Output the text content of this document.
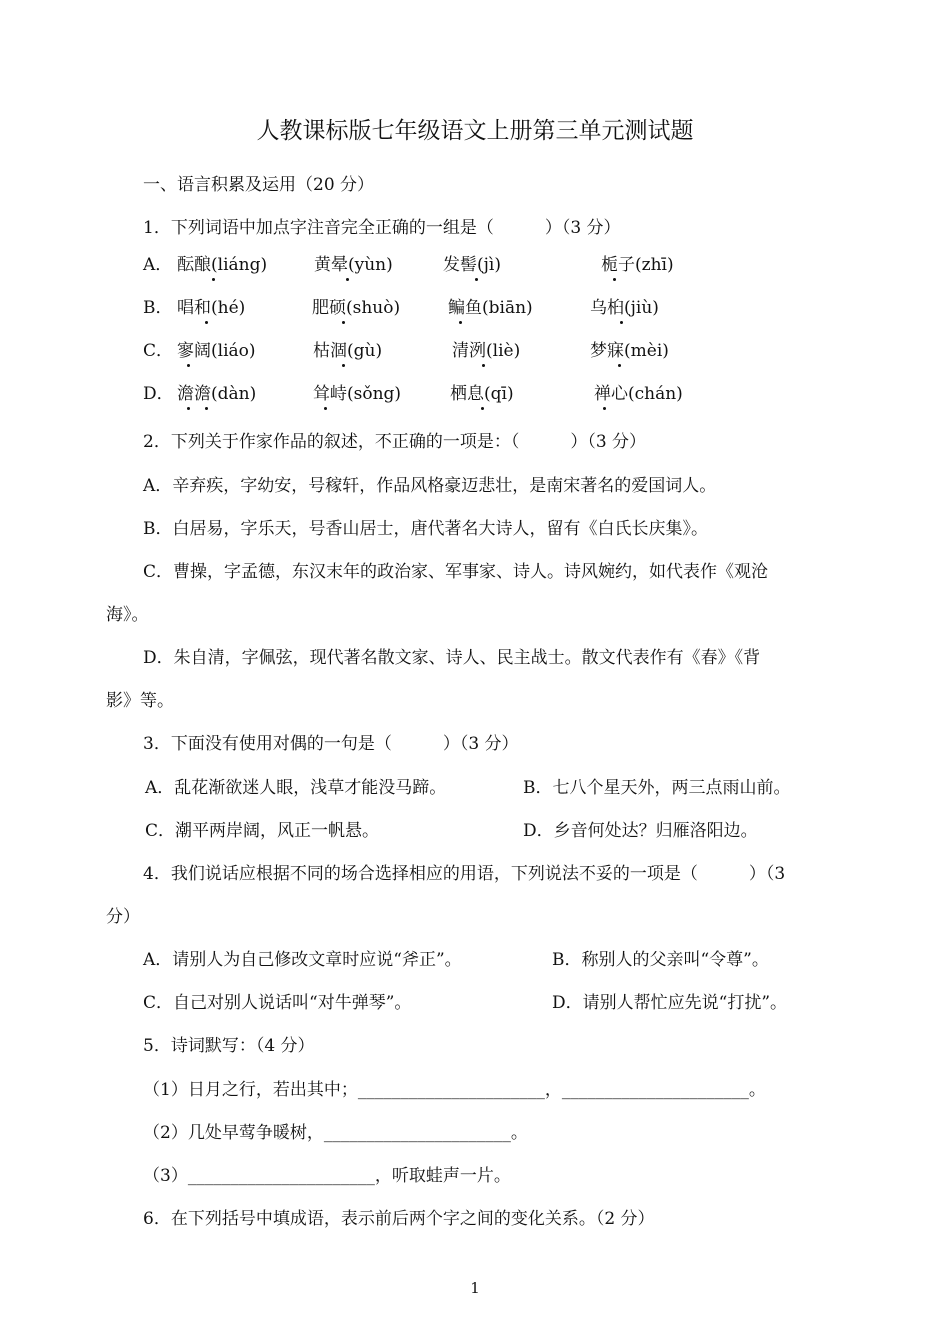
人教课标版七年级语文上册第三单元测试题
一、语言积累及运用（20 分）
1．下列词语中加点字注音完全正确的一组是（　　　）（3 分）
A． 酝酿(liáng)	黄晕(yùn)	发髻(jì)	栀子(zhī)
B． 唱和(hé)	肥硕(shuò)	鳊鱼(biān)	乌桕(jiù)
C． 寥阔(liáo)	枯涸(gù)	清洌(liè)	梦寐(mèi)
D． 澹澹(dàn)	耸峙(sǒng)	栖息(qī)	禅心(chán)
2．下列关于作家作品的叙述，不正确的一项是：（　　　）（3 分）
A．辛弃疾，字幼安，号稼轩，作品风格豪迈悲壮，是南宋著名的爱国词人。
B．白居易，字乐天，号香山居士，唐代著名大诗人，留有《白氏长庆集》。
C．曹操，字孟德，东汉末年的政治家、军事家、诗人。诗风婉约，如代表作《观沧
海》。
D．朱自清，字佩弦，现代著名散文家、诗人、民主战士。散文代表作有《春》《背
影》等。
3．下面没有使用对偶的一句是（　　　）（3 分）
A．乱花渐欲迷人眼，浅草才能没马蹄。	B．七八个星天外，两三点雨山前。
C．潮平两岸阔，风正一帆悬。	D．乡音何处达？归雁洛阳边。
4．我们说话应根据不同的场合选择相应的用语，下列说法不妥的一项是（　　　）（3
分）
A．请别人为自己修改文章时应说“斧正”。	B．称别人的父亲叫“令尊”。
C．自己对别人说话叫“对牛弹琴”。	D．请别人帮忙应先说“打扰”。
5．诗词默写：（4 分）
（1）日月之行，若出其中；______________________，______________________。
（2）几处早莺争暖树，______________________。
（3）______________________，听取蛙声一片。
6．在下列括号中填成语，表示前后两个字之间的变化关系。（2 分）
1
